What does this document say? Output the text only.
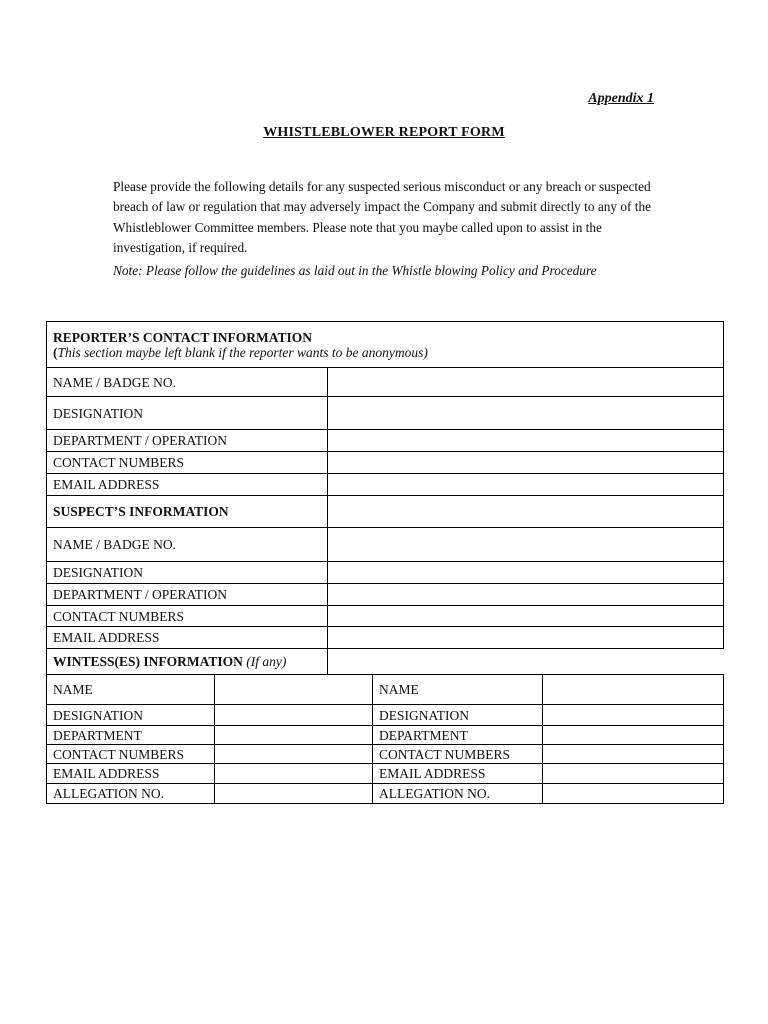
Appendix 1
WHISTLEBLOWER REPORT FORM
Please provide the following details for any suspected serious misconduct or any breach or suspected breach of law or regulation that may adversely impact the Company and submit directly to any of the Whistleblower Committee members. Please note that you maybe called upon to assist in the investigation, if required.
Note: Please follow the guidelines as laid out in the Whistle blowing Policy and Procedure
REPORTER’S CONTACT INFORMATION
(This section maybe left blank if the reporter wants to be anonymous)				

NAME / BADGE NO.				
DESIGNATION				
DEPARTMENT / OPERATION				
CONTACT NUMBERS				
EMAIL ADDRESS				
SUSPECT’S INFORMATION				
NAME / BADGE NO.				
DESIGNATION				
DEPARTMENT / OPERATION				
CONTACT NUMBERS				
EMAIL ADDRESS				
WINTESS(ES) INFORMATION (If any)				
NAME			NAME	
DESIGNATION			DESIGNATION	
DEPARTMENT			DEPARTMENT	
CONTACT NUMBERS			CONTACT NUMBERS	
EMAIL ADDRESS			EMAIL ADDRESS	
ALLEGATION NO.			ALLEGATION NO.	
